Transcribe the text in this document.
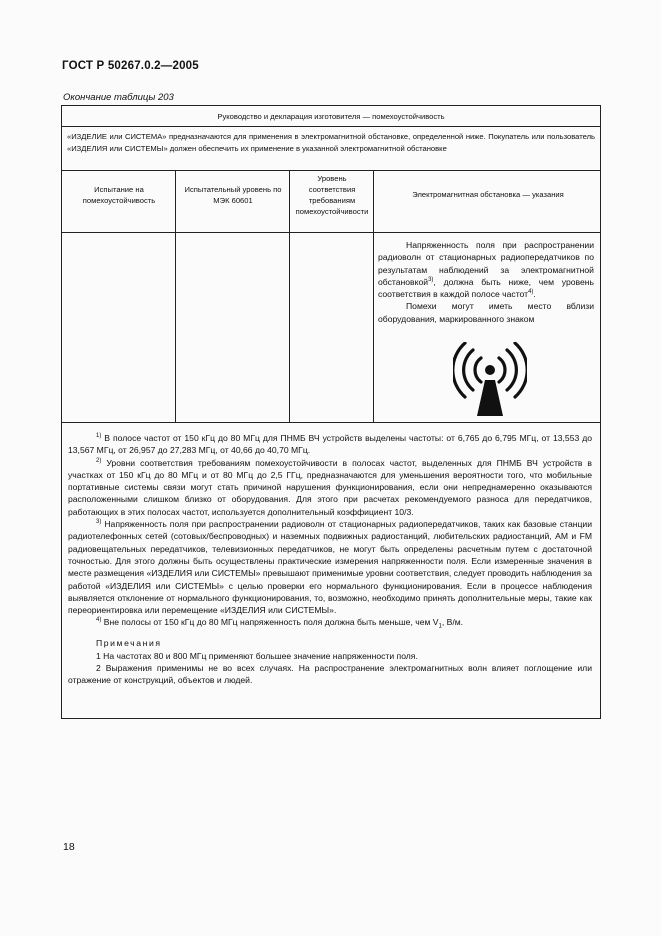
ГОСТ Р 50267.0.2—2005
Окончание таблицы 203
Руководство и декларация изготовителя — помехоустойчивость
«ИЗДЕЛИЕ или СИСТЕМА» предназначаются для применения в электромагнитной обстановке, определенной ниже. Покупатель или пользователь «ИЗДЕЛИЯ или СИСТЕМЫ» должен обеспечить их применение в указанной электромагнитной обстановке
Испытание на помехоустойчивость
Испытательный уровень по МЭК 60601
Уровень соответствия требованиям помехоустойчивости
Электромагнитная обстановка — указания

Напряженность поля при распространении радиоволн от стационарных радиопередатчиков по результатам наблюдений за электромагнитной обстановкой$^{3)}$, должна быть ниже, чем уровень соответствия в каждой полосе частот$^{4)}$.

Помехи могут иметь место вблизи оборудования, маркированного знаком

$^{1)}$ В полосе частот от 150 кГц до 80 МГц для ПНМБ ВЧ устройств выделены частоты: от 6,765 до 6,795 МГц, от 13,553 до 13,567 МГц, от 26,957 до 27,283 МГц, от 40,66 до 40,70 МГц.

$^{2)}$ Уровни соответствия требованиям помехоустойчивости в полосах частот, выделенных для ПНМБ ВЧ устройств в участках от 150 кГц до 80 МГц и от 80 МГц до 2,5 ГГц, предназначаются для уменьшения вероятности того, что мобильные портативные системы связи могут стать причиной нарушения функционирования, если они непреднамеренно оказываются расположенными слишком близко от оборудования. Для этого при расчетах рекомендуемого разноса для передатчиков, работающих в этих полосах частот, используется дополнительный коэффициент 10/3.

$^{3)}$ Напряженность поля при распространении радиоволн от стационарных радиопередатчиков, таких как базовые станции радиотелефонных сетей (сотовых/беспроводных) и наземных подвижных радиостанций, любительских радиостанций, АМ и FM радиовещательных передатчиков, телевизионных передатчиков, не могут быть определены расчетным путем с достаточной точностью. Для этого должны быть осуществлены практические измерения напряженности поля. Если измеренные значения в месте размещения «ИЗДЕЛИЯ или СИСТЕМЫ» превышают применимые уровни соответствия, следует проводить наблюдения за работой «ИЗДЕЛИЯ или СИСТЕМЫ» с целью проверки его нормального функционирования. Если в процессе наблюдения выявляется отклонение от нормального функционирования, то, возможно, необходимо принять дополнительные меры, такие как переориентировка или перемещение «ИЗДЕЛИЯ или СИСТЕМЫ».

$^{4)}$ Вне полосы от 150 кГц до 80 МГц напряженность поля должна быть меньше, чем $V_1$, В/м.

Примечания

1 На частотах 80 и 800 МГц применяют большее значение напряженности поля.

2 Выражения применимы не во всех случаях. На распространение электромагнитных волн влияет поглощение или отражение от конструкций, объектов и людей.

18
